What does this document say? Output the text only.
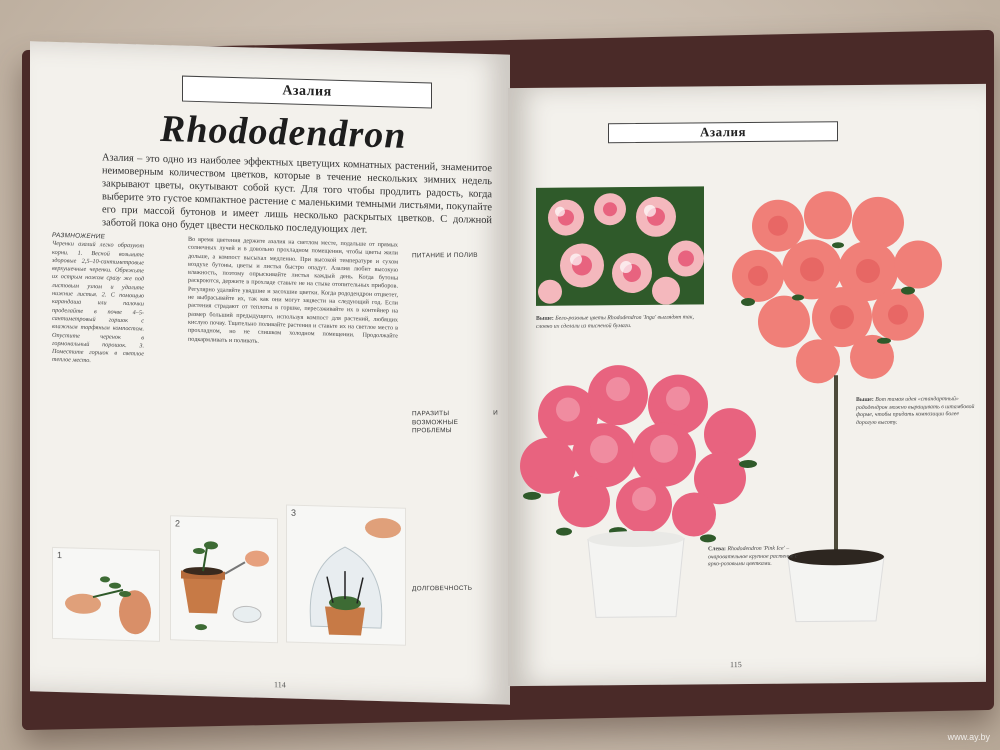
Азалия
Rhododendron
Азалия – это одно из наиболее эффектных цветущих комнатных растений, знаменитое неимоверным количеством цветков, которые в течение нескольких зимних недель закрывают цветы, окутывают собой куст. Для того чтобы продлить радость, когда выберите это густое компактное растение с маленькими темными листьями, покупайте его при массой бутонов и имеет лишь несколько раскрытых цветков. С должной заботой пока оно будет цвести несколько последующих лет.
РАЗМНОЖЕНИЕ
Черенки азалий легко образуют корни. 1. Весной возьмите здоровые 2,5–10-сантиметровые верхушечные черенки. Обрежьте их острым ножом сразу же под листовым узлом и удалите нижние листья. 2. С помощью карандаша или палочки проделайте в почве 4–5-сантиметровый горшок с влажным торфяным компостом. Опустите черенок в гормональный порошок. 3. Поместите горшок в светлое теплое место.
Во время цветения держите азалия на светлом месте, подальше от прямых солнечных лучей и в довольно прохладном помещении, чтобы цветы жили дольше, а компост высыхал медленно. При высокой температуре и сухом воздухе бутоны, цветы и листья быстро опадут. Азалия любит высокую влажность, поэтому опрыскивайте листья каждый день. Когда бутоны раскроются, держите в прохладе ставьте не на стыке отопительных приборов. Регулярно удаляйте увядшие и засохшие цветки. Когда рододендрон отцветет, не выбрасывайте их, так как они могут зацвести на следующий год. Если растения страдают от теплоты в горшке, пересаживайте их в контейнер на размер больший предыдущего, используя компост для растений, любящих кислую почву. Тщательно поливайте растения и ставьте их на светлое место в прохладном, но не слишком холодном помещении. Продолжайте подкармливать и поливать.
1
2
3
114
Азалия
Выше: Бело-розовые цветы Rhododendron 'Inga' выглядят так, словно их сделали из тисненой бумаги.
Выше: Вот тамая идея «стандартный» рододендрон можно выращивать в штамбовой форме, чтобы придать композиции более дорогую высоту.
Слева: Rhododendron 'Pink Ice' – очаровательное крупное растение с ярко-розовыми цветками.
115
ПИТАНИЕ И ПОЛИВ
ПАРАЗИТЫ И ВОЗМОЖНЫЕ ПРОБЛЕМЫ
ДОЛГОВЕЧНОСТЬ
www.ay.by
